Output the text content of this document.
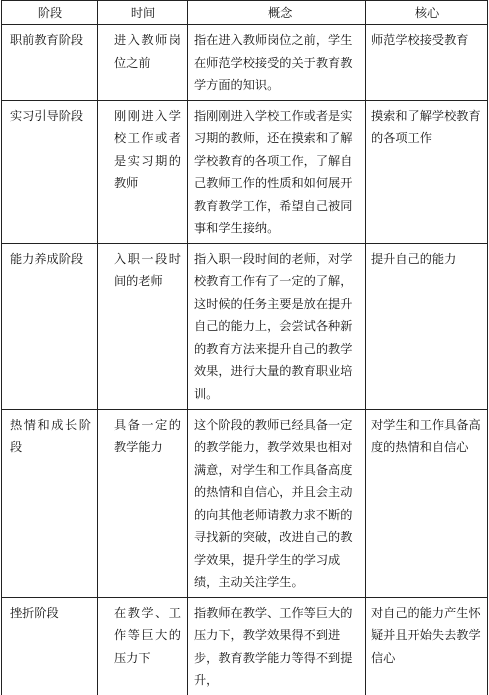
阶段	时间	概念	核心
职前教育阶段	进入教师岗位之前	指在进入教师岗位之前，学生在师范学校接受的关于教育教学方面的知识。	师范学校接受教育
实习引导阶段	刚刚进入学校工作或者是实习期的教师	指刚刚进入学校工作或者是实习期的教师，还在摸索和了解学校教育的各项工作，了解自己教师工作的性质和如何展开教育教学工作，希望自己被同事和学生接纳。	摸索和了解学校教育的各项工作
能力养成阶段	入职一段时间的老师	指入职一段时间的老师，对学校教育工作有了一定的了解，这时候的任务主要是放在提升自己的能力上，会尝试各种新的教育方法来提升自己的教学效果，进行大量的教育职业培训。	提升自己的能力
热情和成长阶段	具备一定的教学能力	这个阶段的教师已经具备一定的教学能力，教学效果也相对满意，对学生和工作具备高度的热情和自信心，并且会主动的向其他老师请教力求不断的寻找新的突破，改进自己的教学效果，提升学生的学习成绩，主动关注学生。	对学生和工作具备高度的热情和自信心
挫折阶段	在教学、工作等巨大的压力下	指教师在教学、工作等巨大的压力下，教学效果得不到进步，教育教学能力等得不到提升，	对自己的能力产生怀疑并且开始失去教学信心
